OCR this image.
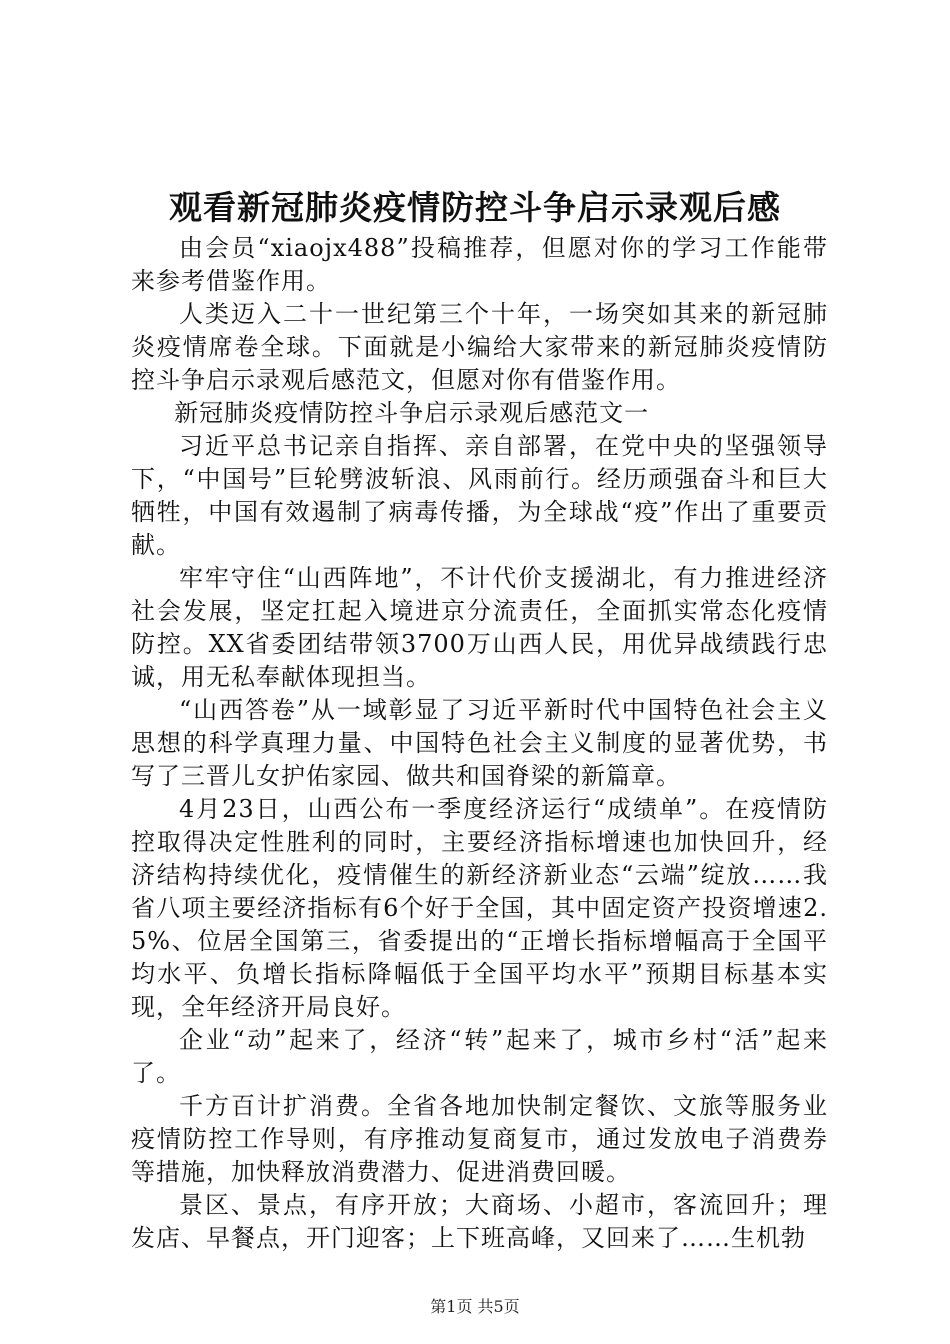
观看新冠肺炎疫情防控斗争启示录观后感

由会员“xiaojx488”投稿推荐，但愿对你的学习工作能带来参考借鉴作用。

人类迈入二十一世纪第三个十年，一场突如其来的新冠肺炎疫情席卷全球。下面就是小编给大家带来的新冠肺炎疫情防控斗争启示录观后感范文，但愿对你有借鉴作用。

新冠肺炎疫情防控斗争启示录观后感范文一

习近平总书记亲自指挥、亲自部署，在党中央的坚强领导下，“中国号”巨轮劈波斩浪、风雨前行。经历顽强奋斗和巨大牺牲，中国有效遏制了病毒传播，为全球战“疫”作出了重要贡献。

牢牢守住“山西阵地”，不计代价支援湖北，有力推进经济社会发展，坚定扛起入境进京分流责任，全面抓实常态化疫情防控。XX省委团结带领3700万山西人民，用优异战绩践行忠诚，用无私奉献体现担当。

“山西答卷”从一域彰显了习近平新时代中国特色社会主义思想的科学真理力量、中国特色社会主义制度的显著优势，书写了三晋儿女护佑家园、做共和国脊梁的新篇章。

4月23日，山西公布一季度经济运行“成绩单”。在疫情防控取得决定性胜利的同时，主要经济指标增速也加快回升，经济结构持续优化，疫情催生的新经济新业态“云端”绽放……我省八项主要经济指标有6个好于全国，其中固定资产投资增速2.5%、位居全国第三，省委提出的“正增长指标增幅高于全国平均水平、负增长指标降幅低于全国平均水平”预期目标基本实现，全年经济开局良好。

企业“动”起来了，经济“转”起来了，城市乡村“活”起来了。

千方百计扩消费。全省各地加快制定餐饮、文旅等服务业疫情防控工作导则，有序推动复商复市，通过发放电子消费券等措施，加快释放消费潜力、促进消费回暖。

景区、景点，有序开放；大商场、小超市，客流回升；理发店、早餐点，开门迎客；上下班高峰，又回来了……生机勃

第1页 共5页
